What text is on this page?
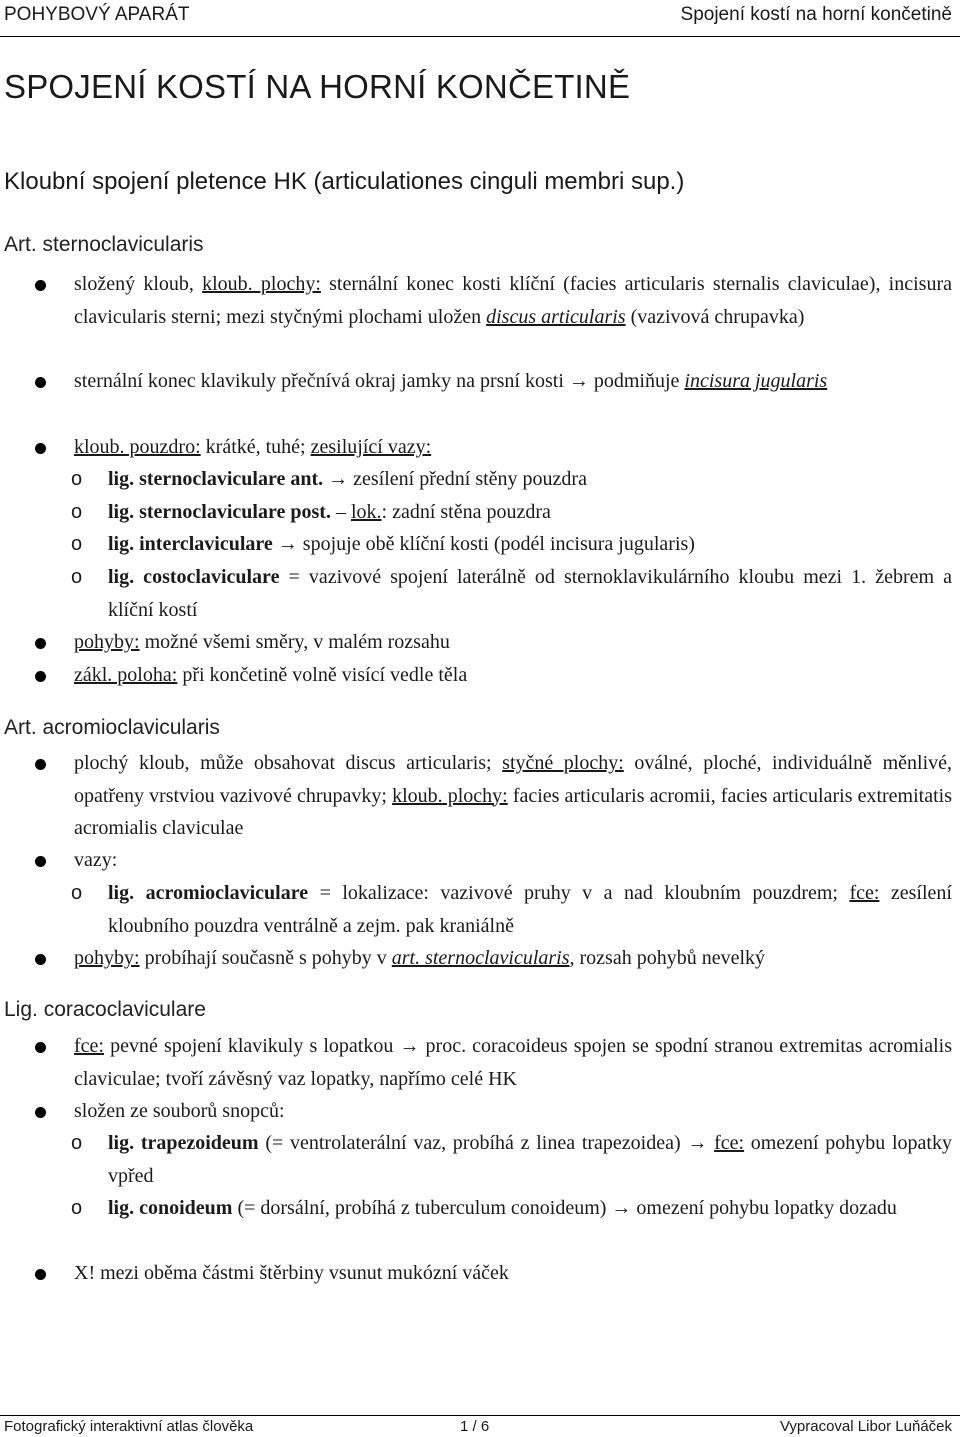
POHYBOVÝ APARÁT	Spojení kostí na horní končetině
SPOJENÍ KOSTÍ NA HORNÍ KONČETINĚ
Kloubní spojení pletence HK (articulationes cinguli membri sup.)
Art. sternoclavicularis
složený kloub, kloub. plochy: sternální konec kosti klíční (facies articularis sternalis claviculae), incisura clavicularis sterni; mezi styčnými plochami uložen discus articularis (vazivová chrupavka)
sternální konec klavikuly přečnívá okraj jamky na prsní kosti → podmiňuje incisura jugularis
kloub. pouzdro: krátké, tuhé; zesilující vazy:
o lig. sternoclaviculare ant. → zesílení přední stěny pouzdra
o lig. sternoclaviculare post. – lok.: zadní stěna pouzdra
o lig. interclaviculare → spojuje obě klíční kosti (podél incisura jugularis)
o lig. costoclaviculare = vazivové spojení laterálně od sternoklavikulárního kloubu mezi 1. žebrem a klíční kostí
pohyby: možné všemi směry, v malém rozsahu
zákl. poloha: při končetině volně visící vedle těla
Art. acromioclavicularis
plochý kloub, může obsahovat discus articularis; styčné plochy: oválné, ploché, individuálně měnlivé, opatřeny vrstviou vazivové chrupavky; kloub. plochy: facies articularis acromii, facies articularis extremitatis acromialis claviculae
vazy:
o lig. acromioclaviculare = lokalizace: vazivové pruhy v a nad kloubním pouzdrem; fce: zesílení kloubního pouzdra ventrálně a zejm. pak kraniálně
pohyby: probíhají současně s pohyby v art. sternoclavicularis, rozsah pohybů nevelký
Lig. coracoclaviculare
fce: pevné spojení klavikuly s lopatkou → proc. coracoideus spojen se spodní stranou extremitas acromialis claviculae; tvoří závěsný vaz lopatky, napřímo celé HK
složen ze souborů snopců:
o lig. trapezoideum (= ventrolaterální vaz, probíhá z linea trapezoidea) → fce: omezení pohybu lopatky vpřed
o lig. conoideum (= dorsální, probíhá z tuberculum conoideum) → omezení pohybu lopatky dozadu
X! mezi oběma částmi štěrbiny vsunut mukózní váček
Fotografický interaktivní atlas člověka	1 / 6	Vypracoval Libor Luňáček
